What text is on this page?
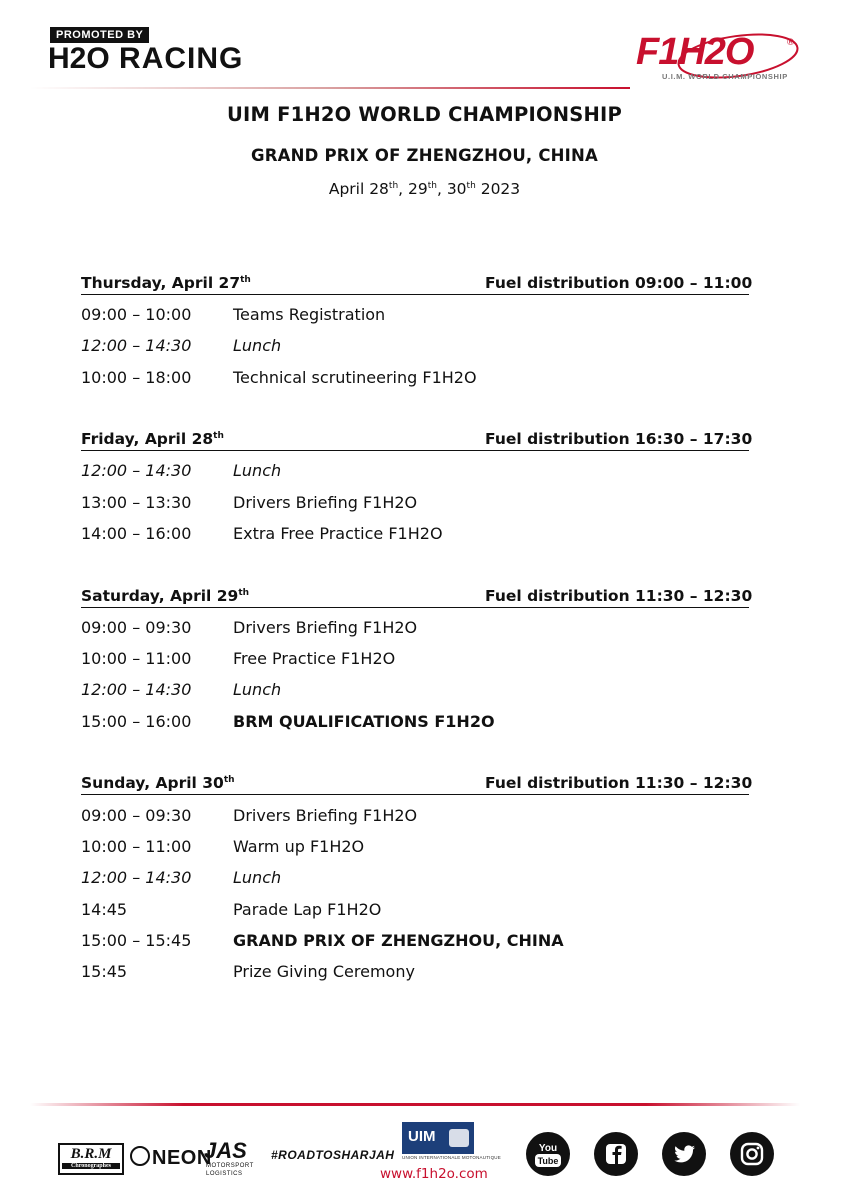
PROMOTED BY
H2O RACING	F1H2O	®
U.I.M. WORLD CHAMPIONSHIP
UIM F1H2O WORLD CHAMPIONSHIP
GRAND PRIX OF ZHENGZHOU, CHINA
April 28th, 29th, 30th 2023
Thursday, April 27th	Fuel distribution 09:00 – 11:00
09:00 – 10:00	Teams Registration
12:00 – 14:30	Lunch
10:00 – 18:00	Technical scrutineering F1H2O
Friday, April 28th	Fuel distribution 16:30 – 17:30
12:00 – 14:30	Lunch
13:00 – 13:30	Drivers Briefing F1H2O
14:00 – 16:00	Extra Free Practice F1H2O
Saturday, April 29th	Fuel distribution 11:30 – 12:30
09:00 – 09:30	Drivers Briefing F1H2O
10:00 – 11:00	Free Practice F1H2O
12:00 – 14:30	Lunch
15:00 – 16:00	BRM QUALIFICATIONS F1H2O
Sunday, April 30th	Fuel distribution 11:30 – 12:30
09:00 – 09:30	Drivers Briefing F1H2O
10:00 – 11:00	Warm up F1H2O
12:00 – 14:30	Lunch
14:45	Parade Lap F1H2O
15:00 – 15:45	GRAND PRIX OF ZHENGZHOU, CHINA
15:45	Prize Giving Ceremony
B.R.M
Chronographes	NEON
JAS
MOTORSPORT
LOGISTICS
#ROADTOSHARJAH
UIM
UNION INTERNATIONALE MOTONAUTIQUE
www.f1h2o.com
You
Tube
